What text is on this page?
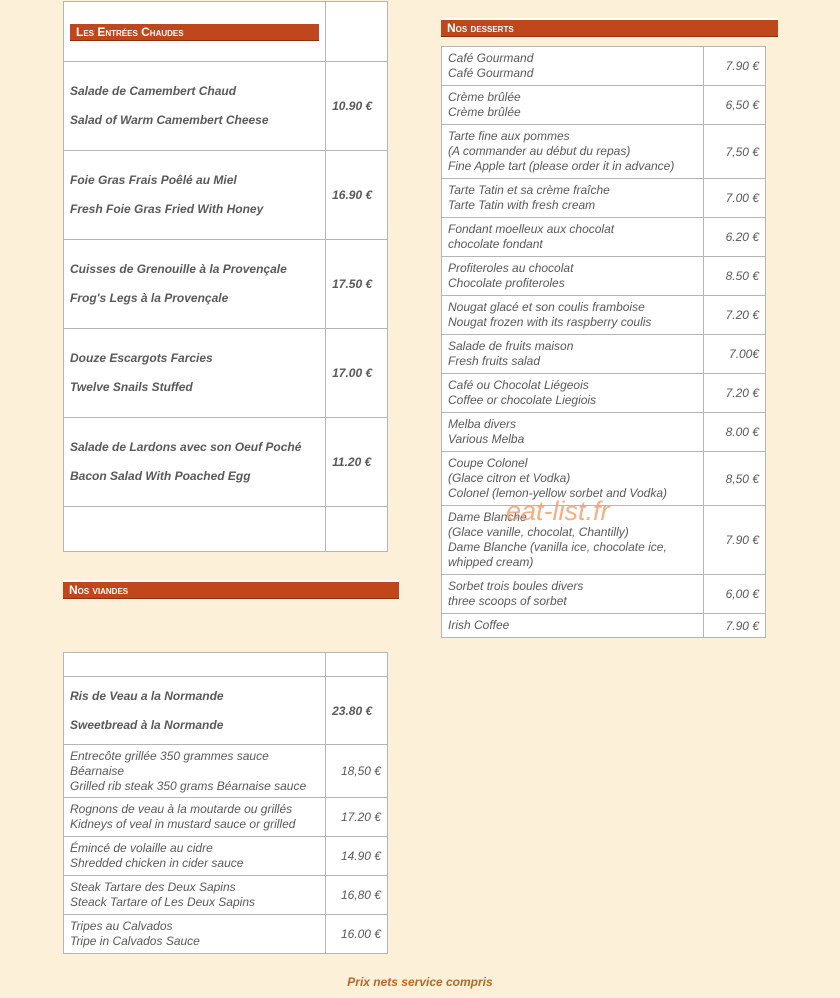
Les Entrées Chaudes	

Salade de Camembert Chaud
Salad of Warm Camembert Cheese	10.90 €

Foie Gras Frais Poêlé au Miel
Fresh Foie Gras Fried With Honey	16.90 €

Cuisses de Grenouille à la Provençale
Frog's Legs à la Provençale	17.50 €

Douze Escargots Farcies
Twelve Snails Stuffed	17.00 €

Salade de Lardons avec son Oeuf Poché
Bacon Salad With Poached Egg	11.20 €

Nos viandes

Ris de Veau a la Normande
Sweetbread à la Normande	23.80 €

Entrecôte grillée 350 grammes sauce Béarnaise
Grilled rib steak 350 grams Béarnaise sauce	18,50 €

Rognons de veau à la moutarde ou grillés
Kidneys of veal in mustard sauce or grilled	17.20 €

Émincé de volaille au cidre
Shredded chicken in cider sauce	14.90 €

Steak Tartare des Deux Sapins
Steack Tartare of Les Deux Sapins	16,80 €

Tripes au Calvados
Tripe in Calvados Sauce	16.00 €
Nos desserts
Café Gourmand
Café Gourmand	7.90 €

Crème brûlée
Crème brûlée	6,50 €

Tarte fine aux pommes
(A commander au début du repas)
Fine Apple tart (please order it in advance)	7,50 €

Tarte Tatin et sa crème fraîche
Tarte Tatin with fresh cream	7.00 €

Fondant moelleux aux chocolat
chocolate fondant	6.20 €

Profiteroles au chocolat
Chocolate profiteroles	8.50 €

Nougat glacé et son coulis framboise
Nougat frozen with its raspberry coulis	7.20 €

Salade de fruits maison
Fresh fruits salad	7.00€

Café ou Chocolat Liégeois
Coffee or chocolate Liegiois	7.20 €

Melba divers
Various Melba	8.00 €

Coupe Colonel
(Glace citron et Vodka)
Colonel (lemon-yellow sorbet and Vodka)	8,50 €

Dame Blanche
(Glace vanille, chocolat, Chantilly)
Dame Blanche (vanilla ice, chocolate ice, whipped cream)	7.90 €

Sorbet trois boules divers
three scoops of sorbet	6,00 €

Irish Coffee	7.90 €
eat-list.fr
Prix nets service compris
